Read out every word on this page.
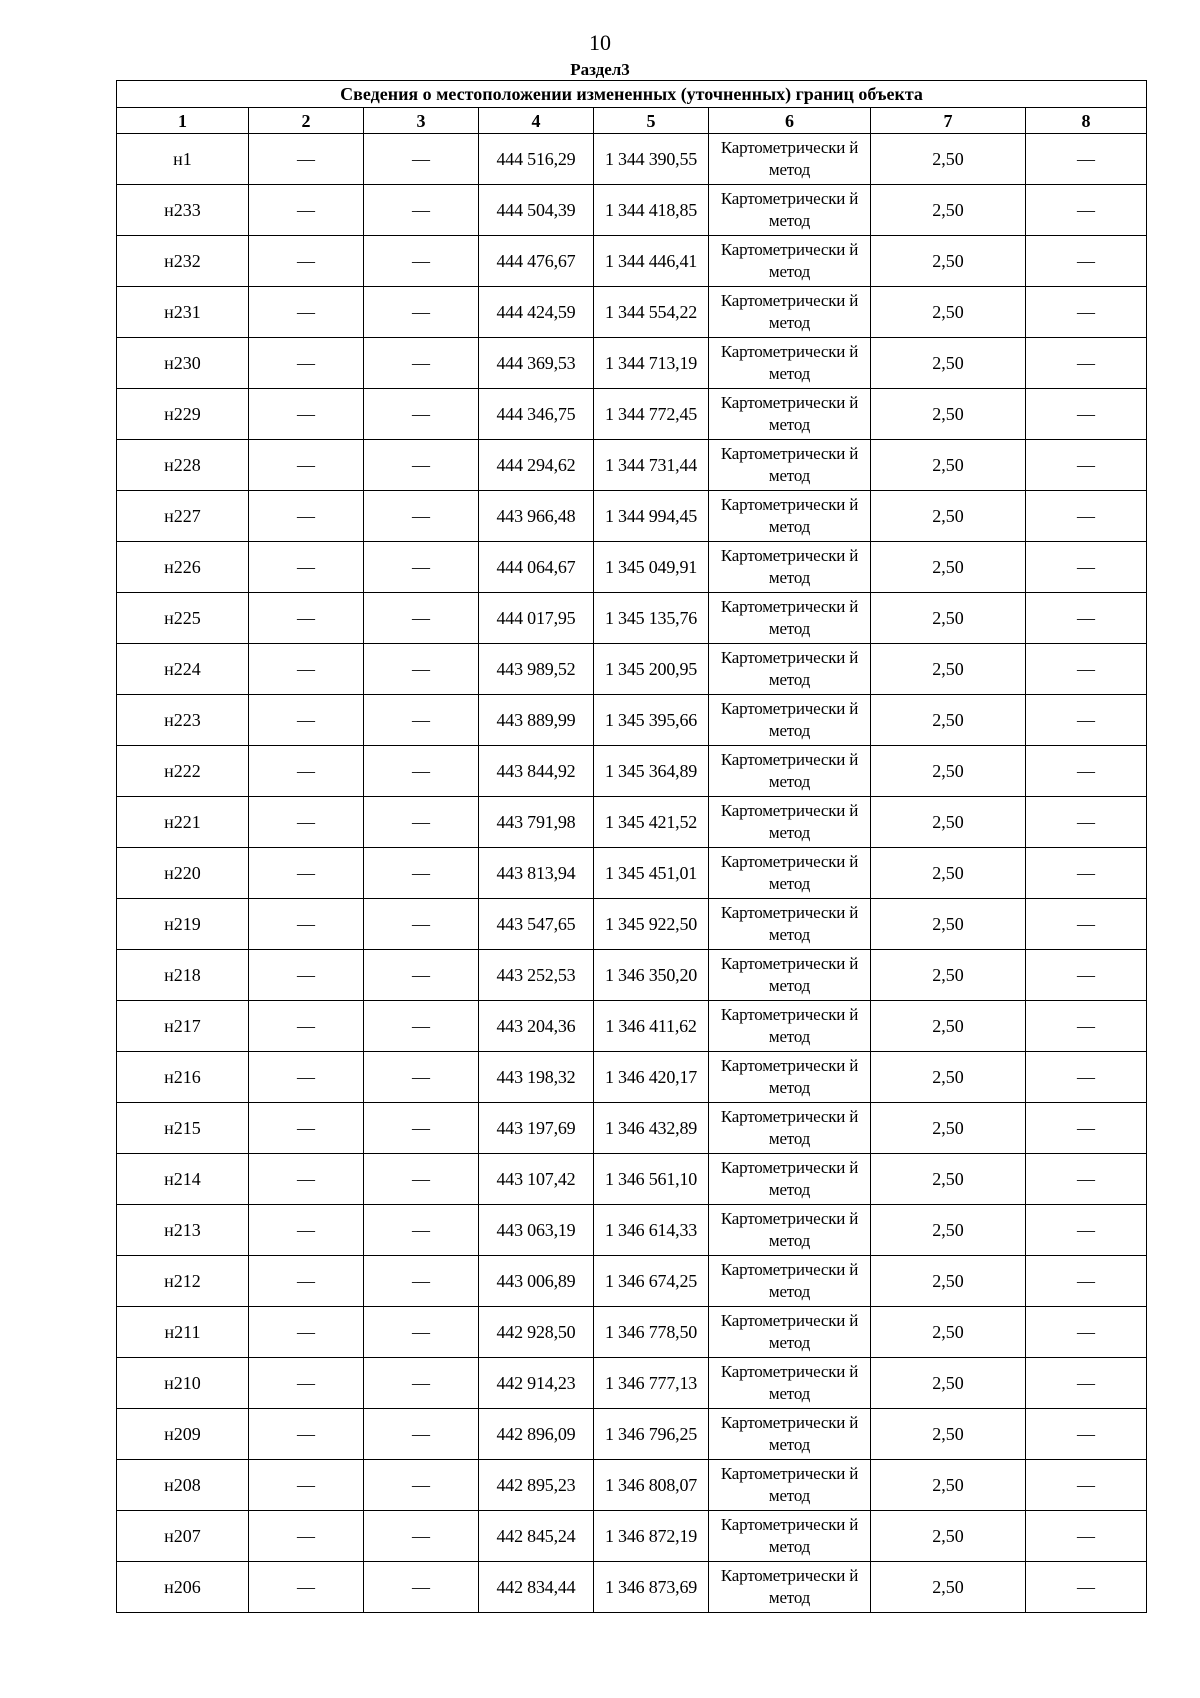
10
Раздел3
Сведения о местоположении измененных (уточненных) границ объекта							
1	2	3	4	5	6	7	8
н1	—	—	444 516,29	1 344 390,55	Картометрически й метод	2,50	—
н233	—	—	444 504,39	1 344 418,85	Картометрически й метод	2,50	—
н232	—	—	444 476,67	1 344 446,41	Картометрически й метод	2,50	—
н231	—	—	444 424,59	1 344 554,22	Картометрически й метод	2,50	—
н230	—	—	444 369,53	1 344 713,19	Картометрически й метод	2,50	—
н229	—	—	444 346,75	1 344 772,45	Картометрически й метод	2,50	—
н228	—	—	444 294,62	1 344 731,44	Картометрически й метод	2,50	—
н227	—	—	443 966,48	1 344 994,45	Картометрически й метод	2,50	—
н226	—	—	444 064,67	1 345 049,91	Картометрически й метод	2,50	—
н225	—	—	444 017,95	1 345 135,76	Картометрически й метод	2,50	—
н224	—	—	443 989,52	1 345 200,95	Картометрически й метод	2,50	—
н223	—	—	443 889,99	1 345 395,66	Картометрически й метод	2,50	—
н222	—	—	443 844,92	1 345 364,89	Картометрически й метод	2,50	—
н221	—	—	443 791,98	1 345 421,52	Картометрически й метод	2,50	—
н220	—	—	443 813,94	1 345 451,01	Картометрически й метод	2,50	—
н219	—	—	443 547,65	1 345 922,50	Картометрически й метод	2,50	—
н218	—	—	443 252,53	1 346 350,20	Картометрически й метод	2,50	—
н217	—	—	443 204,36	1 346 411,62	Картометрически й метод	2,50	—
н216	—	—	443 198,32	1 346 420,17	Картометрически й метод	2,50	—
н215	—	—	443 197,69	1 346 432,89	Картометрически й метод	2,50	—
н214	—	—	443 107,42	1 346 561,10	Картометрически й метод	2,50	—
н213	—	—	443 063,19	1 346 614,33	Картометрически й метод	2,50	—
н212	—	—	443 006,89	1 346 674,25	Картометрически й метод	2,50	—
н211	—	—	442 928,50	1 346 778,50	Картометрически й метод	2,50	—
н210	—	—	442 914,23	1 346 777,13	Картометрически й метод	2,50	—
н209	—	—	442 896,09	1 346 796,25	Картометрически й метод	2,50	—
н208	—	—	442 895,23	1 346 808,07	Картометрически й метод	2,50	—
н207	—	—	442 845,24	1 346 872,19	Картометрически й метод	2,50	—
н206	—	—	442 834,44	1 346 873,69	Картометрически й метод	2,50	—
